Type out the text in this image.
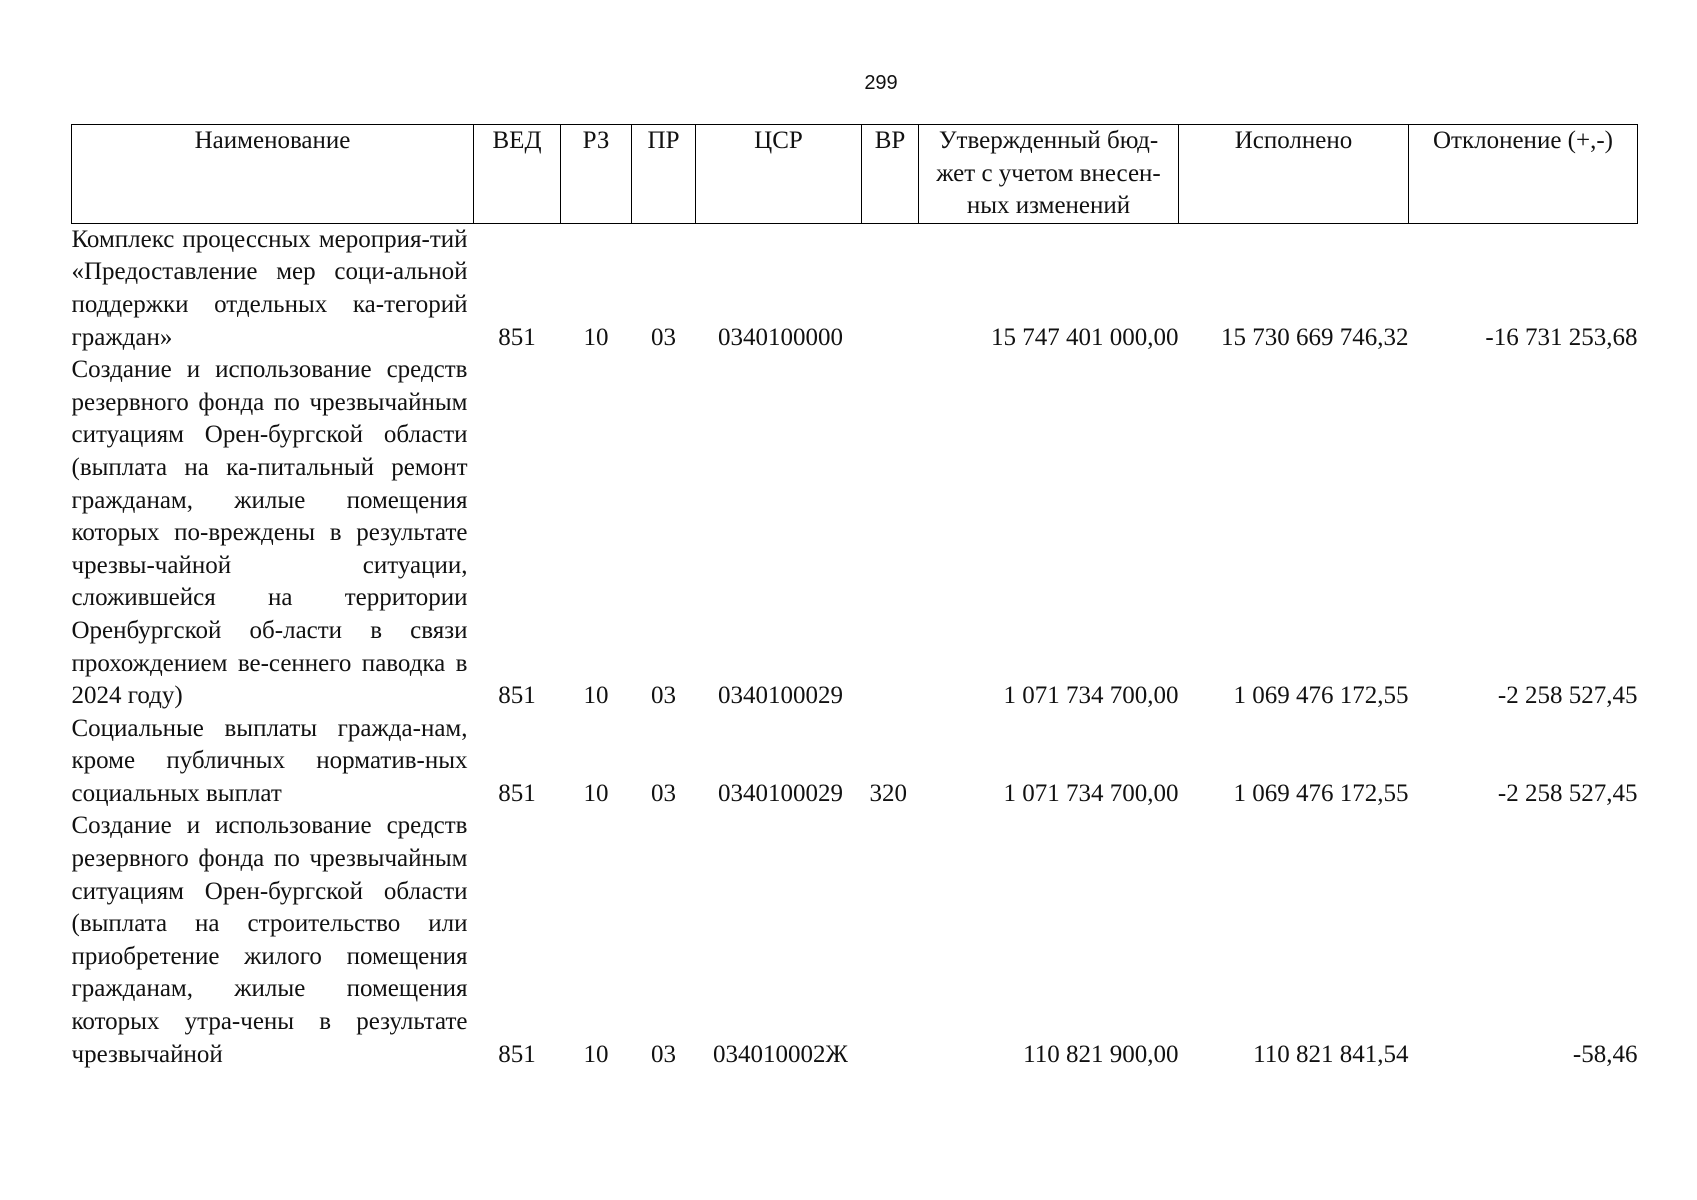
299
Наименование	ВЕД	РЗ	ПР	ЦСР	ВР	Утвержденный бюд-жет с учетом внесен-ных изменений	Исполнено	Отклонение (+,-)
Комплекс процессных мероприя-тий «Предоставление мер соци-альной поддержки отдельных ка-тегорий граждан»	851	10	03	0340100000		15 747 401 000,00	15 730 669 746,32	-16 731 253,68
Создание и использование средств резервного фонда по чрезвычайным ситуациям Орен-бургской области (выплата на ка-питальный ремонт гражданам, жилые помещения которых по-вреждены в результате чрезвы-чайной ситуации, сложившейся на территории Оренбургской об-ласти в связи прохождением ве-сеннего паводка в 2024 году)	851	10	03	0340100029		1 071 734 700,00	1 069 476 172,55	-2 258 527,45
Социальные выплаты гражда-нам, кроме публичных норматив-ных социальных выплат	851	10	03	0340100029	320	1 071 734 700,00	1 069 476 172,55	-2 258 527,45
Создание и использование средств резервного фонда по чрезвычайным ситуациям Орен-бургской области (выплата на строительство или приобретение жилого помещения гражданам, жилые помещения которых утра-чены в результате чрезвычайной	851	10	03	034010002Ж		110 821 900,00	110 821 841,54	-58,46
